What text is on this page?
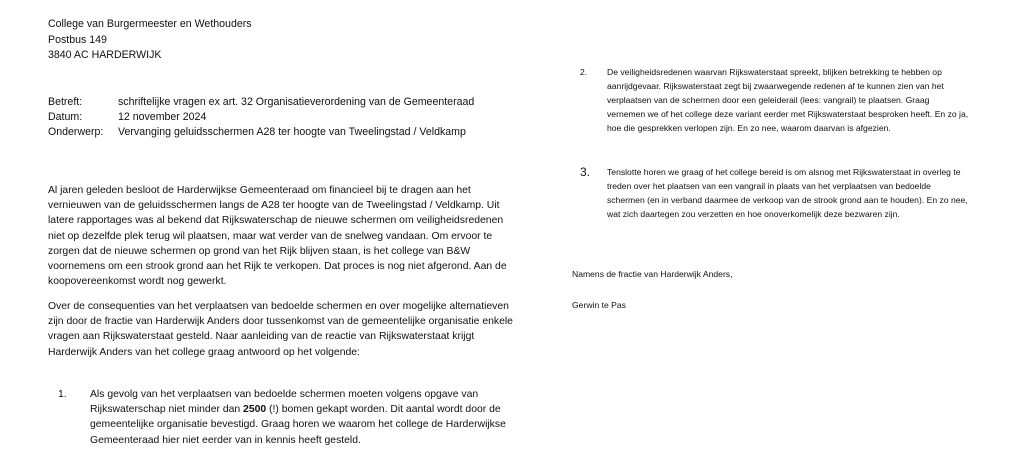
College van Burgermeester en Wethouders
Postbus 149
3840 AC HARDERWIJK
Betreft:	schriftelijke vragen ex art. 32 Organisatieverordening van de Gemeenteraad
Datum:	12 november 2024
Onderwerp:	Vervanging geluidsschermen A28 ter hoogte van Tweelingstad / Veldkamp
Al jaren geleden besloot de Harderwijkse Gemeenteraad om financieel bij te dragen aan het vernieuwen van de geluidsschermen langs de A28 ter hoogte van de Tweelingstad / Veldkamp. Uit latere rapportages was al bekend dat Rijkswaterschap de nieuwe schermen om veiligheidsredenen niet op dezelfde plek terug wil plaatsen, maar wat verder van de snelweg vandaan. Om ervoor te zorgen dat de nieuwe schermen op grond van het Rijk blijven staan, is het college van B&W voornemens om een strook grond aan het Rijk te verkopen. Dat proces is nog niet afgerond. Aan de koopovereenkomst wordt nog gewerkt.
Over de consequenties van het verplaatsen van bedoelde schermen en over mogelijke alternatieven zijn door de fractie van Harderwijk Anders door tussenkomst van de gemeentelijke organisatie enkele vragen aan Rijkswaterstaat gesteld. Naar aanleiding van de reactie van Rijkswaterstaat krijgt Harderwijk Anders van het college graag antwoord op het volgende:
1.	Als gevolg van het verplaatsen van bedoelde schermen moeten volgens opgave van Rijkswaterschap niet minder dan 2500 (!) bomen gekapt worden. Dit aantal wordt door de gemeentelijke organisatie bevestigd. Graag horen we waarom het college de Harderwijkse Gemeenteraad hier niet eerder van in kennis heeft gesteld.
2.	De veiligheidsredenen waarvan Rijkswaterstaat spreekt, blijken betrekking te hebben op aanrijdgevaar. Rijkswaterstaat zegt bij zwaarwegende redenen af te kunnen zien van het verplaatsen van de schermen door een geleiderail (lees: vangrail) te plaatsen. Graag vernemen we of het college deze variant eerder met Rijkswaterstaat besproken heeft. En zo ja, hoe die gesprekken verlopen zijn. En zo nee, waarom daarvan is afgezien.
3.	Tenslotte horen we graag of het college bereid is om alsnog met Rijkswaterstaat in overleg te treden over het plaatsen van een vangrail in plaats van het verplaatsen van bedoelde schermen (en in verband daarmee de verkoop van de strook grond aan te houden). En zo nee, wat zich daartegen zou verzetten en hoe onoverkomelijk deze bezwaren zijn.
Namens de fractie van Harderwijk Anders,
Gerwin te Pas
